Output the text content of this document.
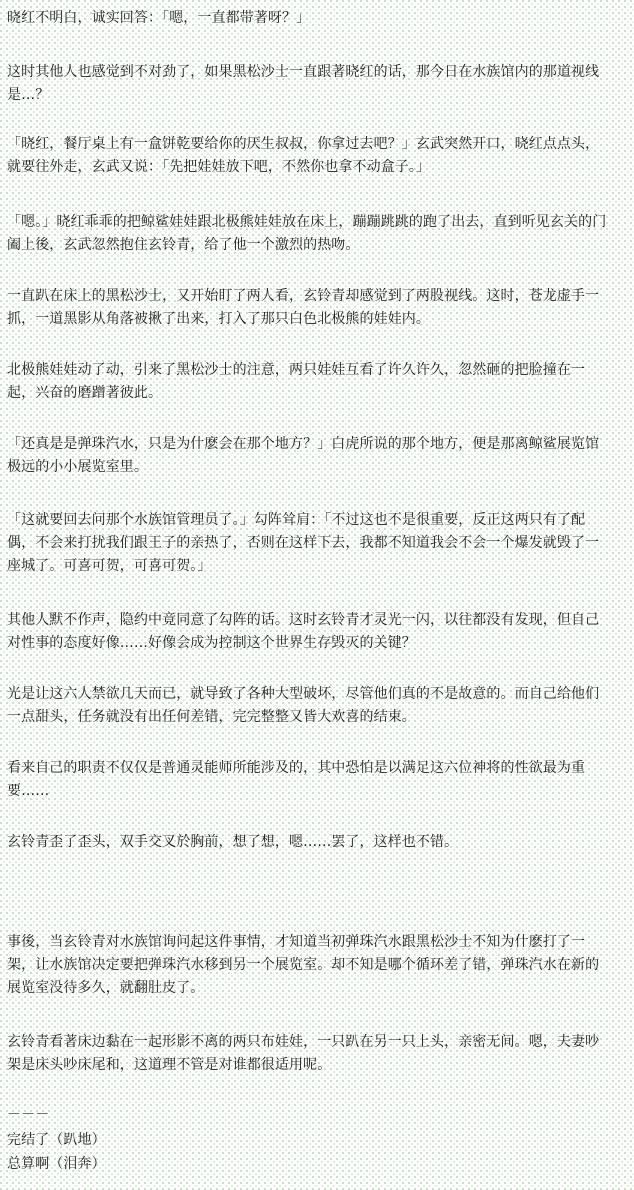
晓红不明白，诚实回答：「嗯，一直都带著呀？」

这时其他人也感觉到不对劲了，如果黑松沙士一直跟著晓红的话，那今日在水族馆内的那道视线是…？

「晓红，餐厅桌上有一盒饼乾要给你的厌生叔叔，你拿过去吧？」玄武突然开口，晓红点点头，就要往外走，玄武又说：「先把娃娃放下吧，不然你也拿不动盒子。」

「嗯。」晓红乖乖的把鲸鲨娃娃跟北极熊娃娃放在床上，蹦蹦跳跳的跑了出去，直到听见玄关的门阖上後，玄武忽然抱住玄铃青，给了他一个激烈的热吻。

一直趴在床上的黑松沙士，又开始盯了两人看，玄铃青却感觉到了两股视线。这时，苍龙虚手一抓，一道黑影从角落被揪了出来，打入了那只白色北极熊的娃娃内。

北极熊娃娃动了动，引来了黑松沙士的注意，两只娃娃互看了许久许久，忽然砸的把脸撞在一起，兴奋的磨蹭著彼此。

「还真是是弹珠汽水，只是为什麽会在那个地方？」白虎所说的那个地方，便是那离鲸鲨展览馆极远的小小展览室里。

「这就要回去问那个水族馆管理员了。」勾阵耸肩：「不过这也不是很重要，反正这两只有了配偶，不会来打扰我们跟王子的亲热了，否则在这样下去，我都不知道我会不会一个爆发就毁了一座城了。可喜可贺，可喜可贺。」

其他人默不作声，隐约中竟同意了勾阵的话。这时玄铃青才灵光一闪，以往都没有发现，但自己对性事的态度好像……好像会成为控制这个世界生存毁灭的关键？

光是让这六人禁欲几天而已，就导致了各种大型破坏，尽管他们真的不是故意的。而自己给他们一点甜头，任务就没有出任何差错，完完整整又皆大欢喜的结束。

看来自己的职责不仅仅是普通灵能师所能涉及的，其中恐怕是以满足这六位神将的性欲最为重要……

玄铃青歪了歪头，双手交叉於胸前，想了想，嗯……罢了，这样也不错。

事後，当玄铃青对水族馆询问起这件事情，才知道当初弹珠汽水跟黑松沙士不知为什麽打了一架，让水族馆决定要把弹珠汽水移到另一个展览室。却不知是哪个循环差了错，弹珠汽水在新的展览室没待多久，就翻肚皮了。

玄铃青看著床边黏在一起形影不离的两只布娃娃，一只趴在另一只上头，亲密无间。嗯，夫妻吵架是床头吵床尾和，这道理不管是对谁都很适用呢。

－－－

完结了（趴地）

总算啊（泪奔）
